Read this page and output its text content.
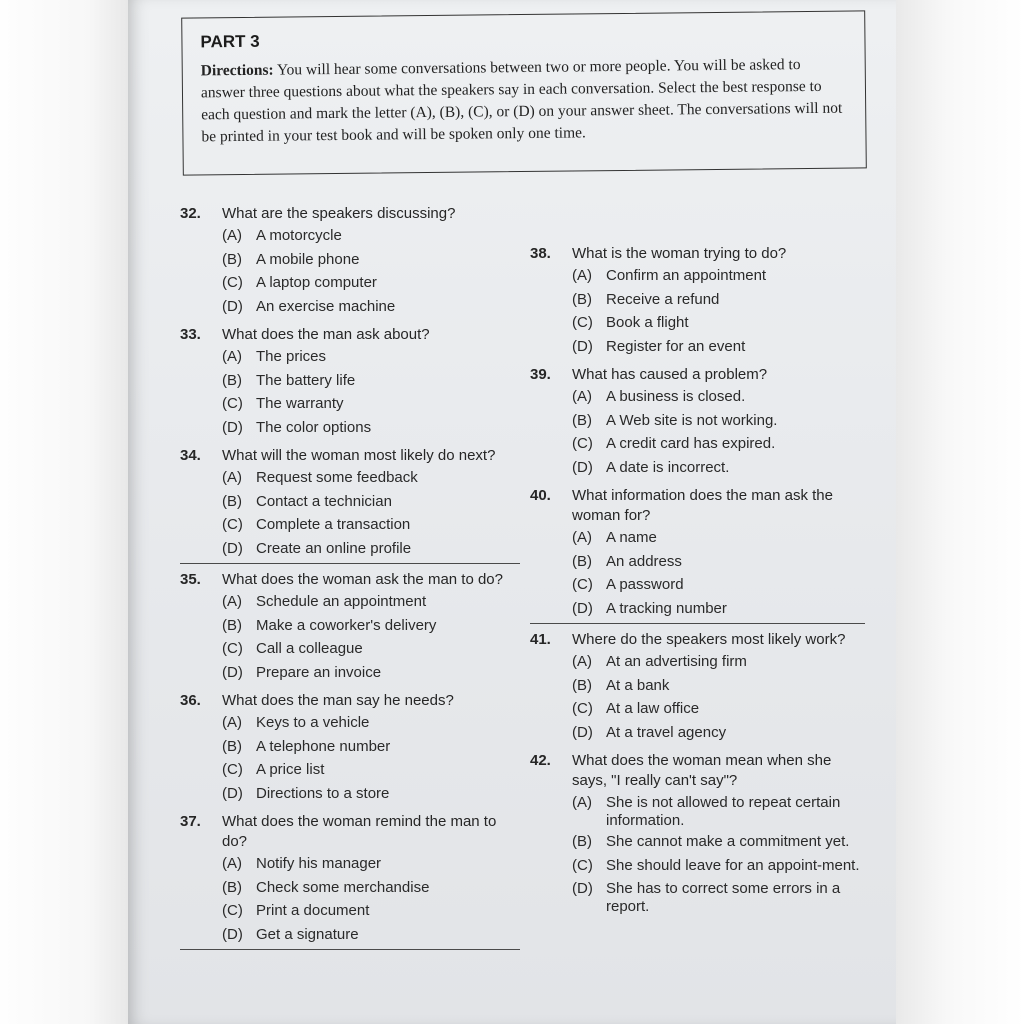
PART 3

Directions: You will hear some conversations between two or more people. You will be asked to answer three questions about what the speakers say in each conversation. Select the best response to each question and mark the letter (A), (B), (C), or (D) on your answer sheet. The conversations will not be printed in your test book and will be spoken only one time.

32.	What are the speakers discussing?
(A) A motorcycle
(B) A mobile phone
(C) A laptop computer
(D) An exercise machine
33.	What does the man ask about?
(A) The prices
(B) The battery life
(C) The warranty
(D) The color options
34.	What will the woman most likely do next?
(A) Request some feedback
(B) Contact a technician
(C) Complete a transaction
(D) Create an online profile
35.	What does the woman ask the man to do?
(A) Schedule an appointment
(B) Make a coworker's delivery
(C) Call a colleague
(D) Prepare an invoice
36.	What does the man say he needs?
(A) Keys to a vehicle
(B) A telephone number
(C) A price list
(D) Directions to a store
37.	What does the woman remind the man to do?
(A) Notify his manager
(B) Check some merchandise
(C) Print a document
(D) Get a signature
38.	What is the woman trying to do?
(A) Confirm an appointment
(B) Receive a refund
(C) Book a flight
(D) Register for an event
39.	What has caused a problem?
(A) A business is closed.
(B) A Web site is not working.
(C) A credit card has expired.
(D) A date is incorrect.
40.	What information does the man ask the woman for?
(A) A name
(B) An address
(C) A password
(D) A tracking number
41.	Where do the speakers most likely work?
(A) At an advertising firm
(B) At a bank
(C) At a law office
(D) At a travel agency
42.	What does the woman mean when she says, "I really can't say"?
(A) She is not allowed to repeat certain information.
(B) She cannot make a commitment yet.
(C) She should leave for an appoint-ment.
(D) She has to correct some errors in a report.
